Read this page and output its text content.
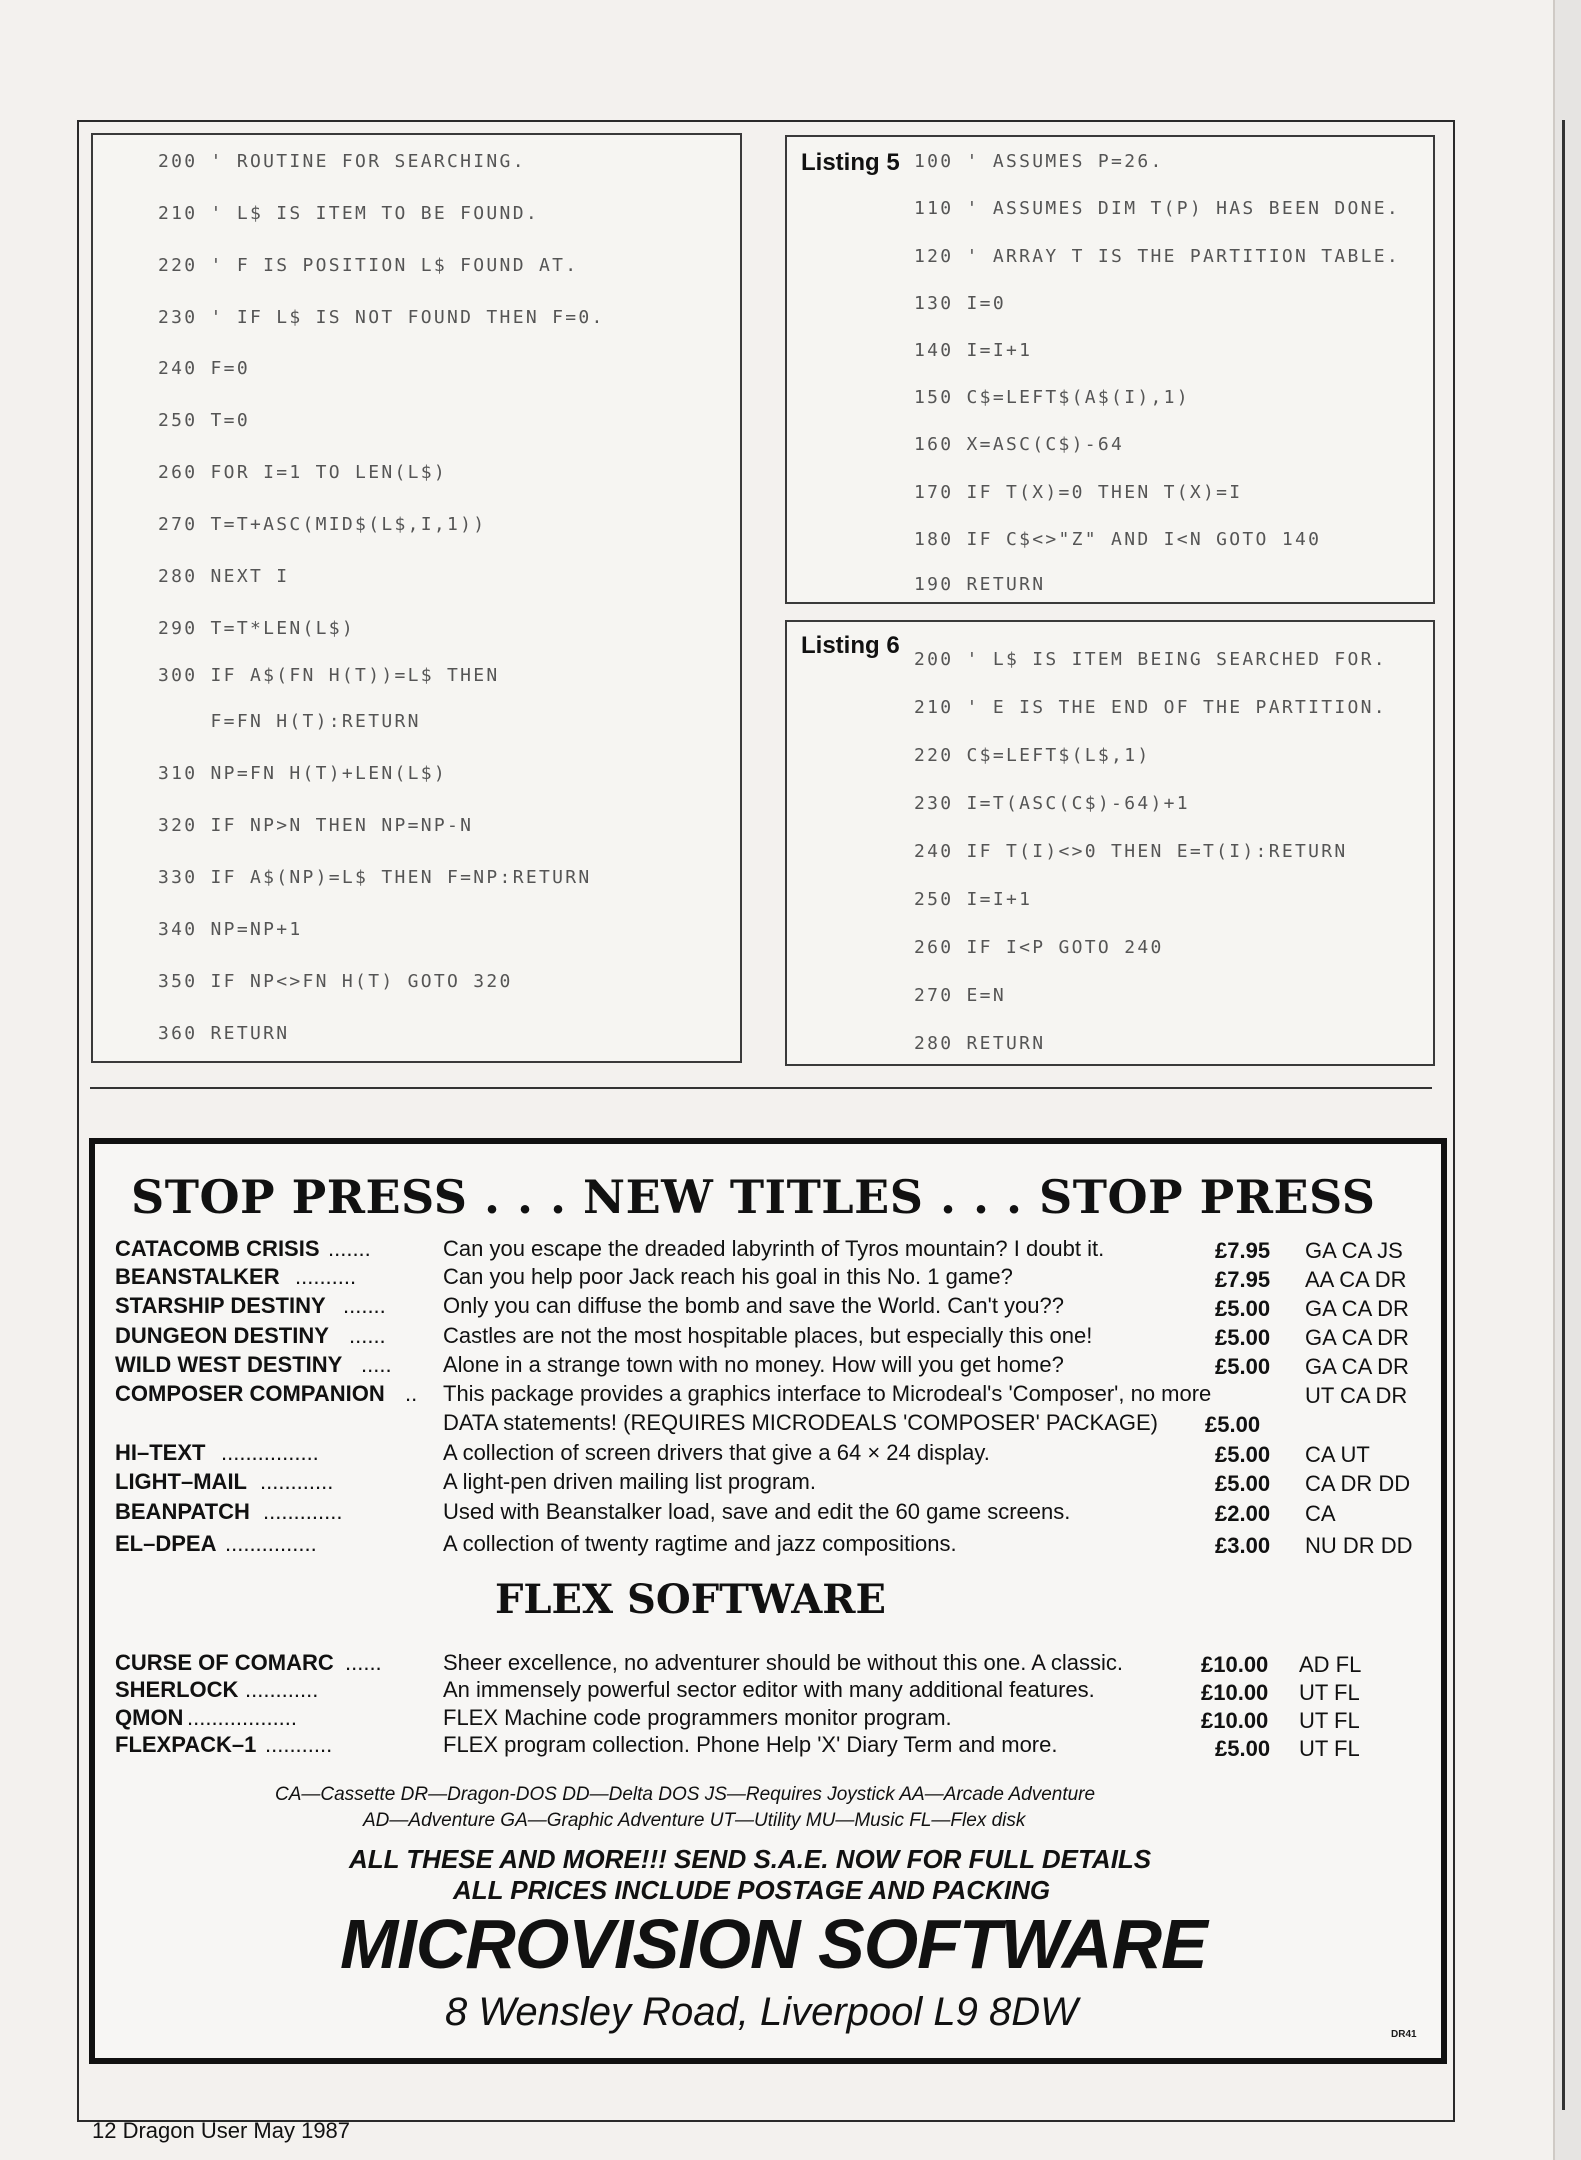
200 ' ROUTINE FOR SEARCHING.

210 ' L$ IS ITEM TO BE FOUND.

220 ' F IS POSITION L$ FOUND AT.

230 ' IF L$ IS NOT FOUND THEN F=0.

240 F=0

250 T=0

260 FOR I=1 TO LEN(L$)

270 T=T+ASC(MID$(L$,I,1))

280 NEXT I

290 T=T*LEN(L$)

300 IF A$(FN H(T))=L$ THEN

F=FN H(T):RETURN

310 NP=FN H(T)+LEN(L$)

320 IF NP>N THEN NP=NP-N

330 IF A$(NP)=L$ THEN F=NP:RETURN

340 NP=NP+1

350 IF NP<>FN H(T) GOTO 320

360 RETURN

Listing 5

100 ' ASSUMES P=26.

110 ' ASSUMES DIM T(P) HAS BEEN DONE.

120 ' ARRAY T IS THE PARTITION TABLE.

130 I=0

140 I=I+1

150 C$=LEFT$(A$(I),1)

160 X=ASC(C$)-64

170 IF T(X)=0 THEN T(X)=I

180 IF C$<>"Z" AND I<N GOTO 140

190 RETURN

Listing 6

200 ' L$ IS ITEM BEING SEARCHED FOR.

210 ' E IS THE END OF THE PARTITION.

220 C$=LEFT$(L$,1)

230 I=T(ASC(C$)-64)+1

240 IF T(I)<>0 THEN E=T(I):RETURN

250 I=I+1

260 IF I<P GOTO 240

270 E=N

280 RETURN

STOP PRESS . . . NEW TITLES . . . STOP PRESS
CATACOMB CRISIS .......
BEANSTALKER ..........
STARSHIP DESTINY .......
DUNGEON DESTINY ......
WILD WEST DESTINY .....
COMPOSER COMPANION ..
HI–TEXT ................
LIGHT–MAIL ............
BEANPATCH .............
EL–DPEA ...............
Can you escape the dreaded labyrinth of Tyros mountain? I doubt it.
Can you help poor Jack reach his goal in this No. 1 game?
Only you can diffuse the bomb and save the World. Can't you??
Castles are not the most hospitable places, but especially this one!
Alone in a strange town with no money. How will you get home?
This package provides a graphics interface to Microdeal's 'Composer', no more
DATA statements! (REQUIRES MICRODEALS 'COMPOSER' PACKAGE)
A collection of screen drivers that give a 64 × 24 display.
A light-pen driven mailing list program.
Used with Beanstalker load, save and edit the 60 game screens.
A collection of twenty ragtime and jazz compositions.
£7.95
£7.95
£5.00
£5.00
£5.00
£5.00
£5.00
£5.00
£2.00
£3.00
GA CA JS
AA CA DR
GA CA DR
GA CA DR
GA CA DR
UT CA DR
CA UT
CA DR DD
CA
NU DR DD
FLEX SOFTWARE
CURSE OF COMARC ......
SHERLOCK ............
QMON ..................
FLEXPACK–1 ...........
Sheer excellence, no adventurer should be without this one. A classic.
An immensely powerful sector editor with many additional features.
FLEX Machine code programmers monitor program.
FLEX program collection. Phone Help 'X' Diary Term and more.
£10.00
£10.00
£10.00
£5.00
AD FL
UT FL
UT FL
UT FL
CA—Cassette DR—Dragon-DOS DD—Delta DOS JS—Requires Joystick AA—Arcade Adventure
AD—Adventure GA—Graphic Adventure UT—Utility MU—Music FL—Flex disk
ALL THESE AND MORE!!! SEND S.A.E. NOW FOR FULL DETAILS
ALL PRICES INCLUDE POSTAGE AND PACKING
MICROVISION SOFTWARE
8 Wensley Road, Liverpool L9 8DW
DR41
12 Dragon User May 1987
